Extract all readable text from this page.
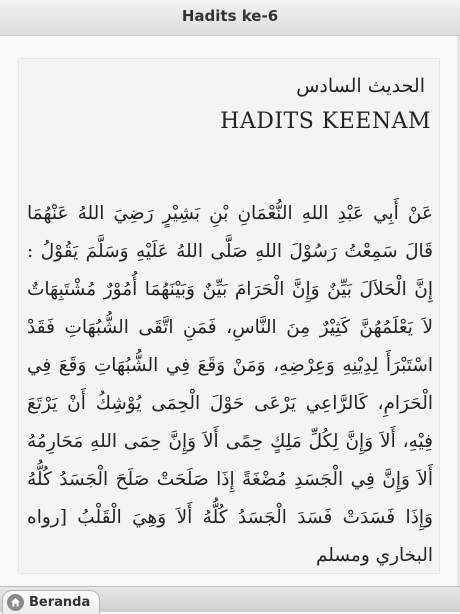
Hadits ke-6
الحديث السادس
HADITS KEENAM

عَنْ أَبِي عَبْدِ اللهِ النُّعْمَانِ بْنِ بَشِيْرٍ رَضِيَ اللهُ عَنْهُمَا قَالَ سَمِعْتُ رَسُوْلَ اللهِ صَلَّى اللهُ عَلَيْهِ وَسَلَّمَ يَقُوْلُ : إِنَّ الْحَلاَلَ بَيِّنٌ وَإِنَّ الْحَرَامَ بَيِّنٌ وَبَيْنَهُمَا أُمُوْرٌ مُشْتَبِهَاتٌ لاَ يَعْلَمُهُنَّ كَثِيْرٌ مِنَ النَّاسِ، فَمَنِ اتَّقَى الشُّبُهَاتِ فَقَدْ اسْتَبْرَأَ لِدِيْنِهِ وَعِرْضِهِ، وَمَنْ وَقَعَ فِي الشُّبُهَاتِ وَقَعَ فِي الْحَرَامِ، كَالرَّاعِي يَرْعَى حَوْلَ الْحِمَى يُوْشِكُ أَنْ يَرْتَعَ فِيْهِ، أَلاَ وَإِنَّ لِكُلِّ مَلِكٍ حِمًى أَلاَ وَإِنَّ حِمَى اللهِ مَحَارِمُهُ أَلاَ وَإِنَّ فِي الْجَسَدِ مُضْغَةً إِذَا صَلَحَتْ صَلَحَ الْجَسَدُ كُلُّهُ وَإِذَا فَسَدَتْ فَسَدَ الْجَسَدُ كُلُّهُ أَلاَ وَهِيَ الْقَلْبُ [رواه البخاري ومسلم

Beranda
